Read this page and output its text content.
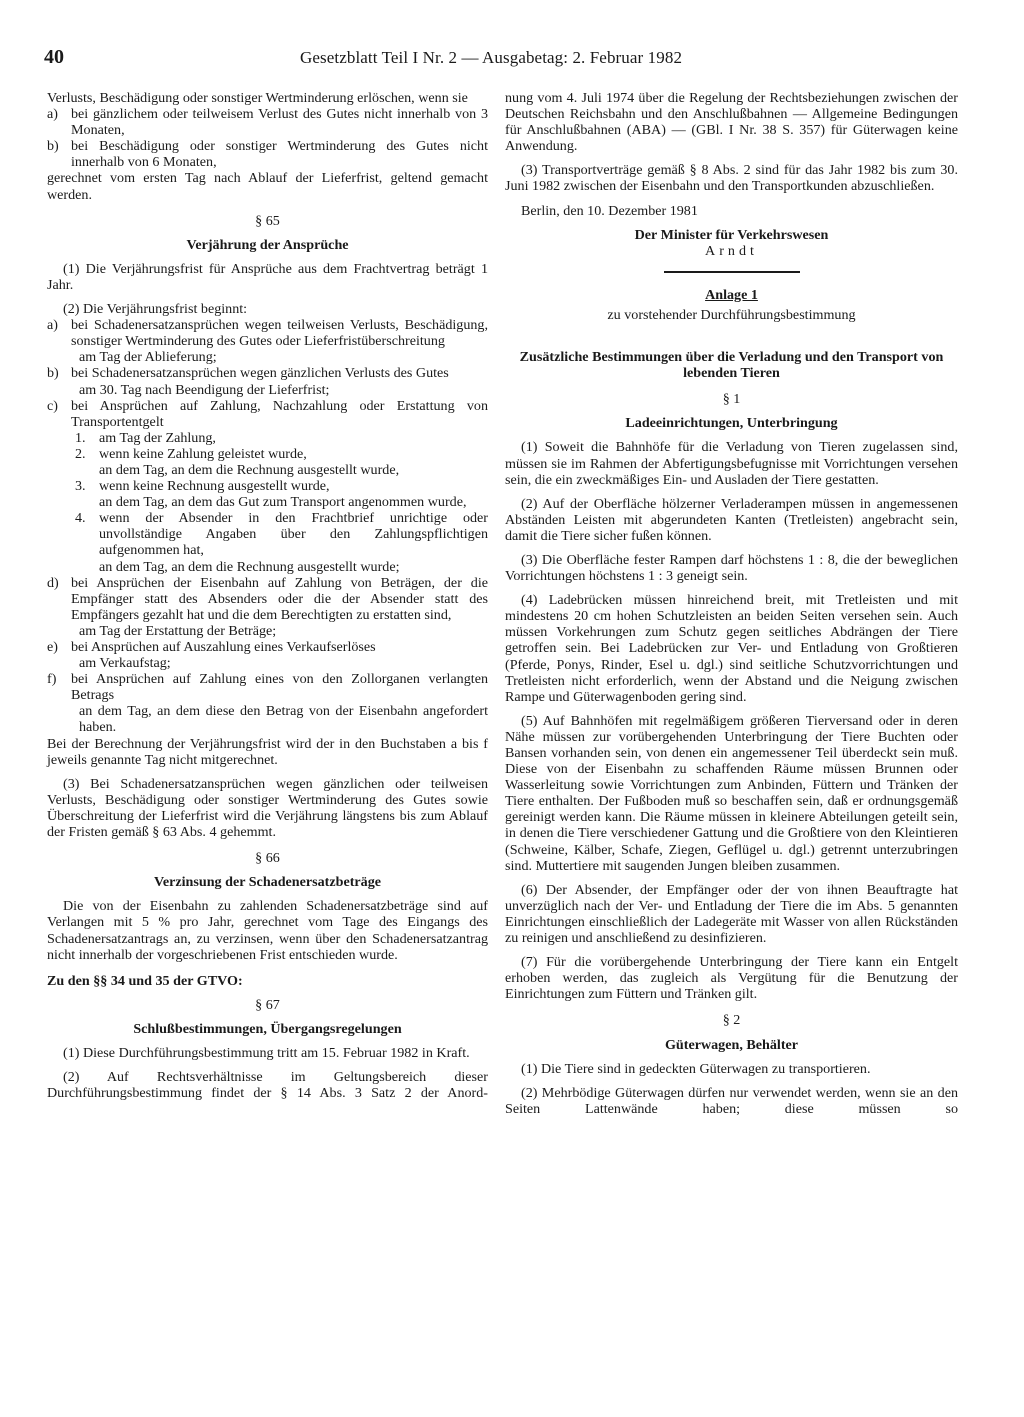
40	Gesetzblatt Teil I Nr. 2 — Ausgabetag: 2. Februar 1982

Verlusts, Beschädigung oder sonstiger Wertminderung erlöschen, wenn sie

a) bei gänzlichem oder teilweisem Verlust des Gutes nicht innerhalb von 3 Monaten,
b) bei Beschädigung oder sonstiger Wertminderung des Gutes nicht innerhalb von 6 Monaten,

gerechnet vom ersten Tag nach Ablauf der Lieferfrist, geltend gemacht werden.

§ 65

Verjährung der Ansprüche

(1) Die Verjährungsfrist für Ansprüche aus dem Frachtvertrag beträgt 1 Jahr.

(2) Die Verjährungsfrist beginnt:

a) bei Schadenersatzansprüchen wegen teilweisen Verlusts, Beschädigung, sonstiger Wertminderung des Gutes oder Lieferfristüberschreitung

am Tag der Ablieferung;

b) bei Schadenersatzansprüchen wegen gänzlichen Verlusts des Gutes

am 30. Tag nach Beendigung der Lieferfrist;

c) bei Ansprüchen auf Zahlung, Nachzahlung oder Erstattung von Transportentgelt
1. am Tag der Zahlung,
2. wenn keine Zahlung geleistet wurde,

an dem Tag, an dem die Rechnung ausgestellt wurde,

3. wenn keine Rechnung ausgestellt wurde,

an dem Tag, an dem das Gut zum Transport angenommen wurde,

4. wenn der Absender in den Frachtbrief unrichtige oder unvollständige Angaben über den Zahlungspflichtigen aufgenommen hat,

an dem Tag, an dem die Rechnung ausgestellt wurde;

d) bei Ansprüchen der Eisenbahn auf Zahlung von Beträgen, der die Empfänger statt des Absenders oder die der Absender statt des Empfängers gezahlt hat und die dem Berechtigten zu erstatten sind,

am Tag der Erstattung der Beträge;

e) bei Ansprüchen auf Auszahlung eines Verkaufserlöses

am Verkaufstag;

f)	bei Ansprüchen auf Zahlung eines von den Zollorganen verlangten Betrags

an dem Tag, an dem diese den Betrag von der Eisenbahn angefordert haben.

Bei der Berechnung der Verjährungsfrist wird der in den Buchstaben a bis f jeweils genannte Tag nicht mitgerechnet.

(3) Bei Schadenersatzansprüchen wegen gänzlichen oder teilweisen Verlusts, Beschädigung oder sonstiger Wertminderung des Gutes sowie Überschreitung der Lieferfrist wird die Verjährung längstens bis zum Ablauf der Fristen gemäß § 63 Abs. 4 gehemmt.

§ 66

Verzinsung der Schadenersatzbeträge

Die von der Eisenbahn zu zahlenden Schadenersatzbeträge sind auf Verlangen mit 5 % pro Jahr, gerechnet vom Tage des Eingangs des Schadenersatzantrags an, zu verzinsen, wenn über den Schadenersatzantrag nicht innerhalb der vorgeschriebenen Frist entschieden wurde.

Zu den §§ 34 und 35 der GTVO:

§ 67

Schlußbestimmungen, Übergangsregelungen

(1) Diese Durchführungsbestimmung tritt am 15. Februar 1982 in Kraft.

(2) Auf Rechtsverhältnisse im Geltungsbereich dieser Durchführungsbestimmung findet der § 14 Abs. 3 Satz 2 der Anord-

nung vom 4. Juli 1974 über die Regelung der Rechtsbeziehungen zwischen der Deutschen Reichsbahn und den Anschlußbahnen — Allgemeine Bedingungen für Anschlußbahnen (ABA) — (GBl. I Nr. 38 S. 357) für Güterwagen keine Anwendung.

(3) Transportverträge gemäß § 8 Abs. 2 sind für das Jahr 1982 bis zum 30. Juni 1982 zwischen der Eisenbahn und den Transportkunden abzuschließen.

Berlin, den 10. Dezember 1981

Der Minister für Verkehrswesen

Arndt

Anlage 1

zu vorstehender Durchführungsbestimmung

Zusätzliche Bestimmungen über die Verladung und den Transport von lebenden Tieren

§ 1

Ladeeinrichtungen, Unterbringung

(1) Soweit die Bahnhöfe für die Verladung von Tieren zugelassen sind, müssen sie im Rahmen der Abfertigungsbefugnisse mit Vorrichtungen versehen sein, die ein zweckmäßiges Ein- und Ausladen der Tiere gestatten.

(2) Auf der Oberfläche hölzerner Verladerampen müssen in angemessenen Abständen Leisten mit abgerundeten Kanten (Tretleisten) angebracht sein, damit die Tiere sicher fußen können.

(3) Die Oberfläche fester Rampen darf höchstens 1 : 8, die der beweglichen Vorrichtungen höchstens 1 : 3 geneigt sein.

(4) Ladebrücken müssen hinreichend breit, mit Tretleisten und mit mindestens 20 cm hohen Schutzleisten an beiden Seiten versehen sein. Auch müssen Vorkehrungen zum Schutz gegen seitliches Abdrängen der Tiere getroffen sein. Bei Ladebrücken zur Ver- und Entladung von Großtieren (Pferde, Ponys, Rinder, Esel u. dgl.) sind seitliche Schutzvorrichtungen und Tretleisten nicht erforderlich, wenn der Abstand und die Neigung zwischen Rampe und Güterwagenboden gering sind.

(5) Auf Bahnhöfen mit regelmäßigem größeren Tierversand oder in deren Nähe müssen zur vorübergehenden Unterbringung der Tiere Buchten oder Bansen vorhanden sein, von denen ein angemessener Teil überdeckt sein muß. Diese von der Eisenbahn zu schaffenden Räume müssen Brunnen oder Wasserleitung sowie Vorrichtungen zum Anbinden, Füttern und Tränken der Tiere enthalten. Der Fußboden muß so beschaffen sein, daß er ordnungsgemäß gereinigt werden kann. Die Räume müssen in kleinere Abteilungen geteilt sein, in denen die Tiere verschiedener Gattung und die Großtiere von den Kleintieren (Schweine, Kälber, Schafe, Ziegen, Geflügel u. dgl.) getrennt unterzubringen sind. Muttertiere mit saugenden Jungen bleiben zusammen.

(6) Der Absender, der Empfänger oder der von ihnen Beauftragte hat unverzüglich nach der Ver- und Entladung der Tiere die im Abs. 5 genannten Einrichtungen einschließlich der Ladegeräte mit Wasser von allen Rückständen zu reinigen und anschließend zu desinfizieren.

(7) Für die vorübergehende Unterbringung der Tiere kann ein Entgelt erhoben werden, das zugleich als Vergütung für die Benutzung der Einrichtungen zum Füttern und Tränken gilt.

§ 2

Güterwagen, Behälter

(1) Die Tiere sind in gedeckten Güterwagen zu transportieren.

(2) Mehrbödige Güterwagen dürfen nur verwendet werden, wenn sie an den Seiten Lattenwände haben; diese müssen so
